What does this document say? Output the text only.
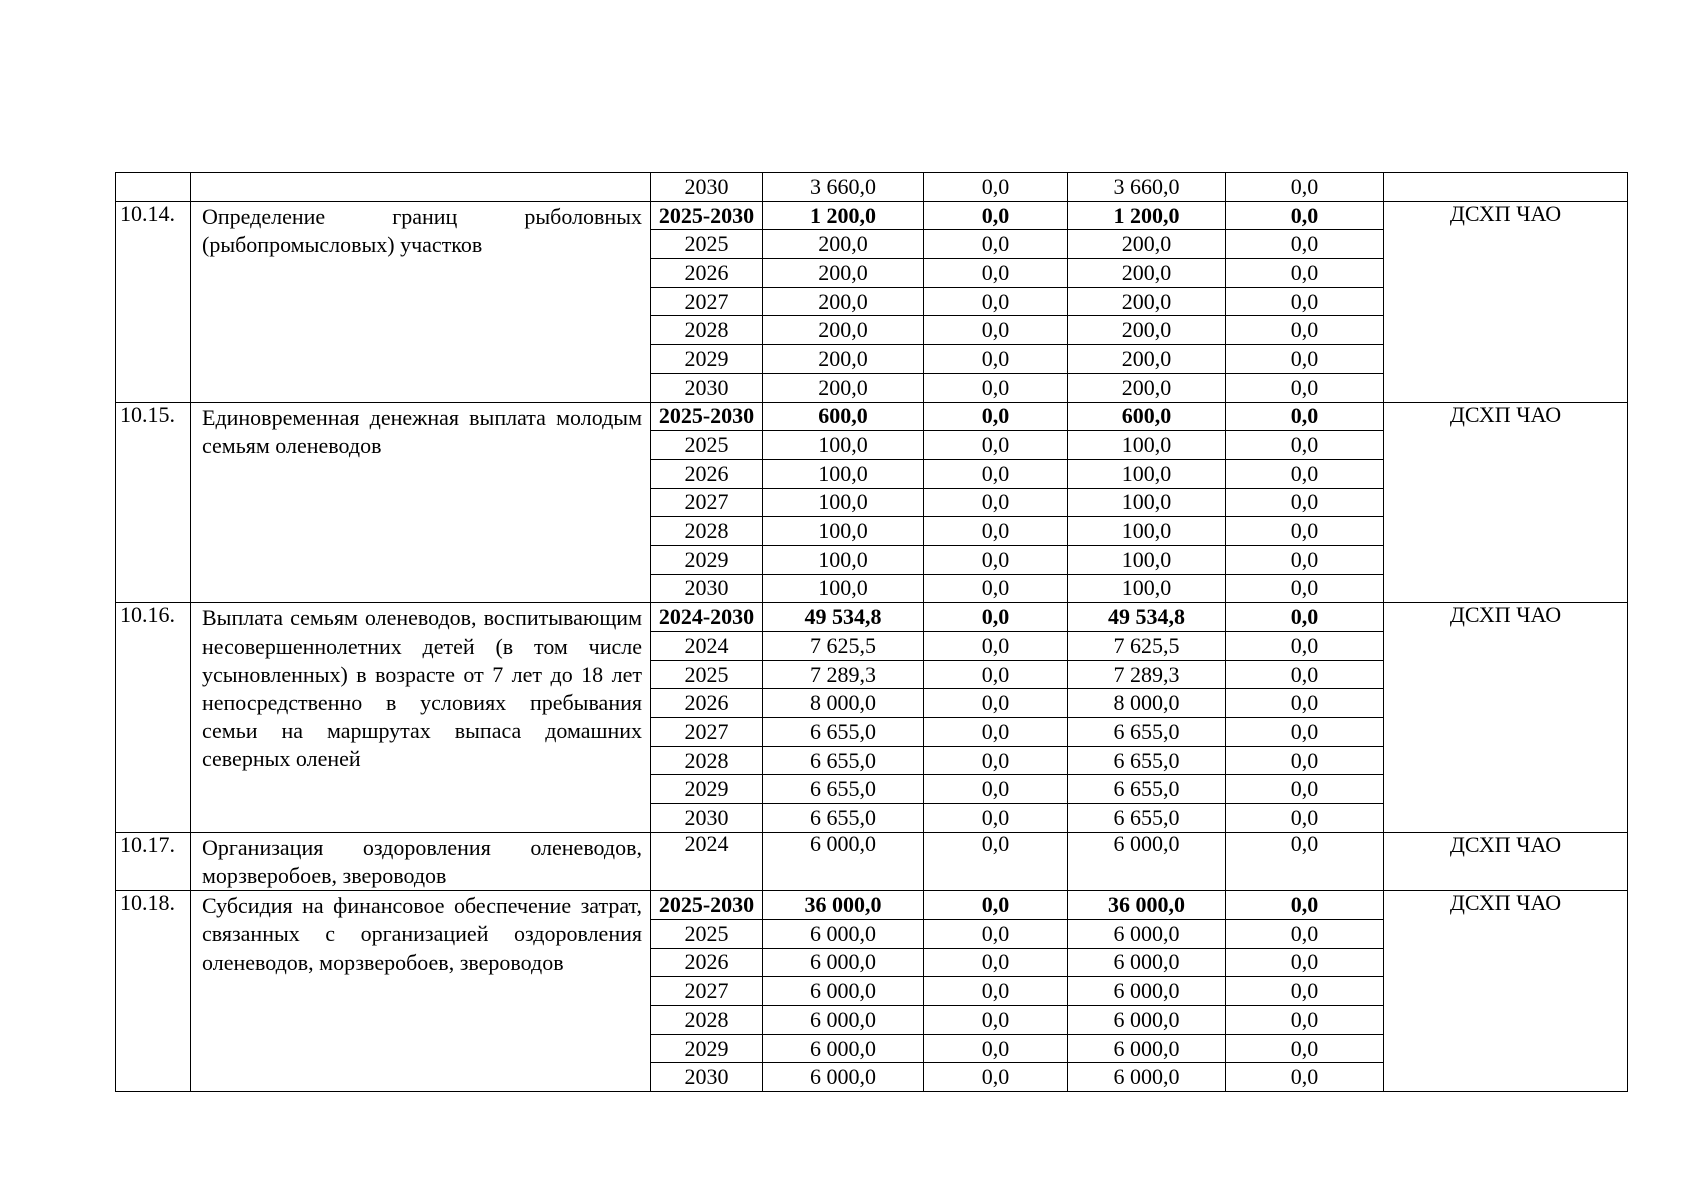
		2030	3 660,0	0,0	3 660,0	0,0	
10.14.	Определение границ рыболовных (рыбопромысловых) участков	2025-2030	1 200,0	0,0	1 200,0	0,0	ДСХП ЧАО
		2025	200,0	0,0	200,0	0,0	
		2026	200,0	0,0	200,0	0,0	
		2027	200,0	0,0	200,0	0,0	
		2028	200,0	0,0	200,0	0,0	
		2029	200,0	0,0	200,0	0,0	
		2030	200,0	0,0	200,0	0,0	
10.15.	Единовременная денежная выплата молодым семьям оленеводов	2025-2030	600,0	0,0	600,0	0,0	ДСХП ЧАО
		2025	100,0	0,0	100,0	0,0	
		2026	100,0	0,0	100,0	0,0	
		2027	100,0	0,0	100,0	0,0	
		2028	100,0	0,0	100,0	0,0	
		2029	100,0	0,0	100,0	0,0	
		2030	100,0	0,0	100,0	0,0	
10.16.	Выплата семьям оленеводов, воспитывающим несовершеннолетних детей (в том числе усыновленных) в возрасте от 7 лет до 18 лет непосредственно в условиях пребывания семьи на маршрутах выпаса домашних северных оленей	2024-2030	49 534,8	0,0	49 534,8	0,0	ДСХП ЧАО
		2024	7 625,5	0,0	7 625,5	0,0	
		2025	7 289,3	0,0	7 289,3	0,0	
		2026	8 000,0	0,0	8 000,0	0,0	
		2027	6 655,0	0,0	6 655,0	0,0	
		2028	6 655,0	0,0	6 655,0	0,0	
		2029	6 655,0	0,0	6 655,0	0,0	
		2030	6 655,0	0,0	6 655,0	0,0	
10.17.	Организация оздоровления оленеводов, морзверобоев, звероводов	2024	6 000,0	0,0	6 000,0	0,0	ДСХП ЧАО
10.18.	Субсидия на финансовое обеспечение затрат, связанных с организацией оздоровления оленеводов, морзверобоев, звероводов	2025-2030	36 000,0	0,0	36 000,0	0,0	ДСХП ЧАО
		2025	6 000,0	0,0	6 000,0	0,0	
		2026	6 000,0	0,0	6 000,0	0,0	
		2027	6 000,0	0,0	6 000,0	0,0	
		2028	6 000,0	0,0	6 000,0	0,0	
		2029	6 000,0	0,0	6 000,0	0,0	
		2030	6 000,0	0,0	6 000,0	0,0	
